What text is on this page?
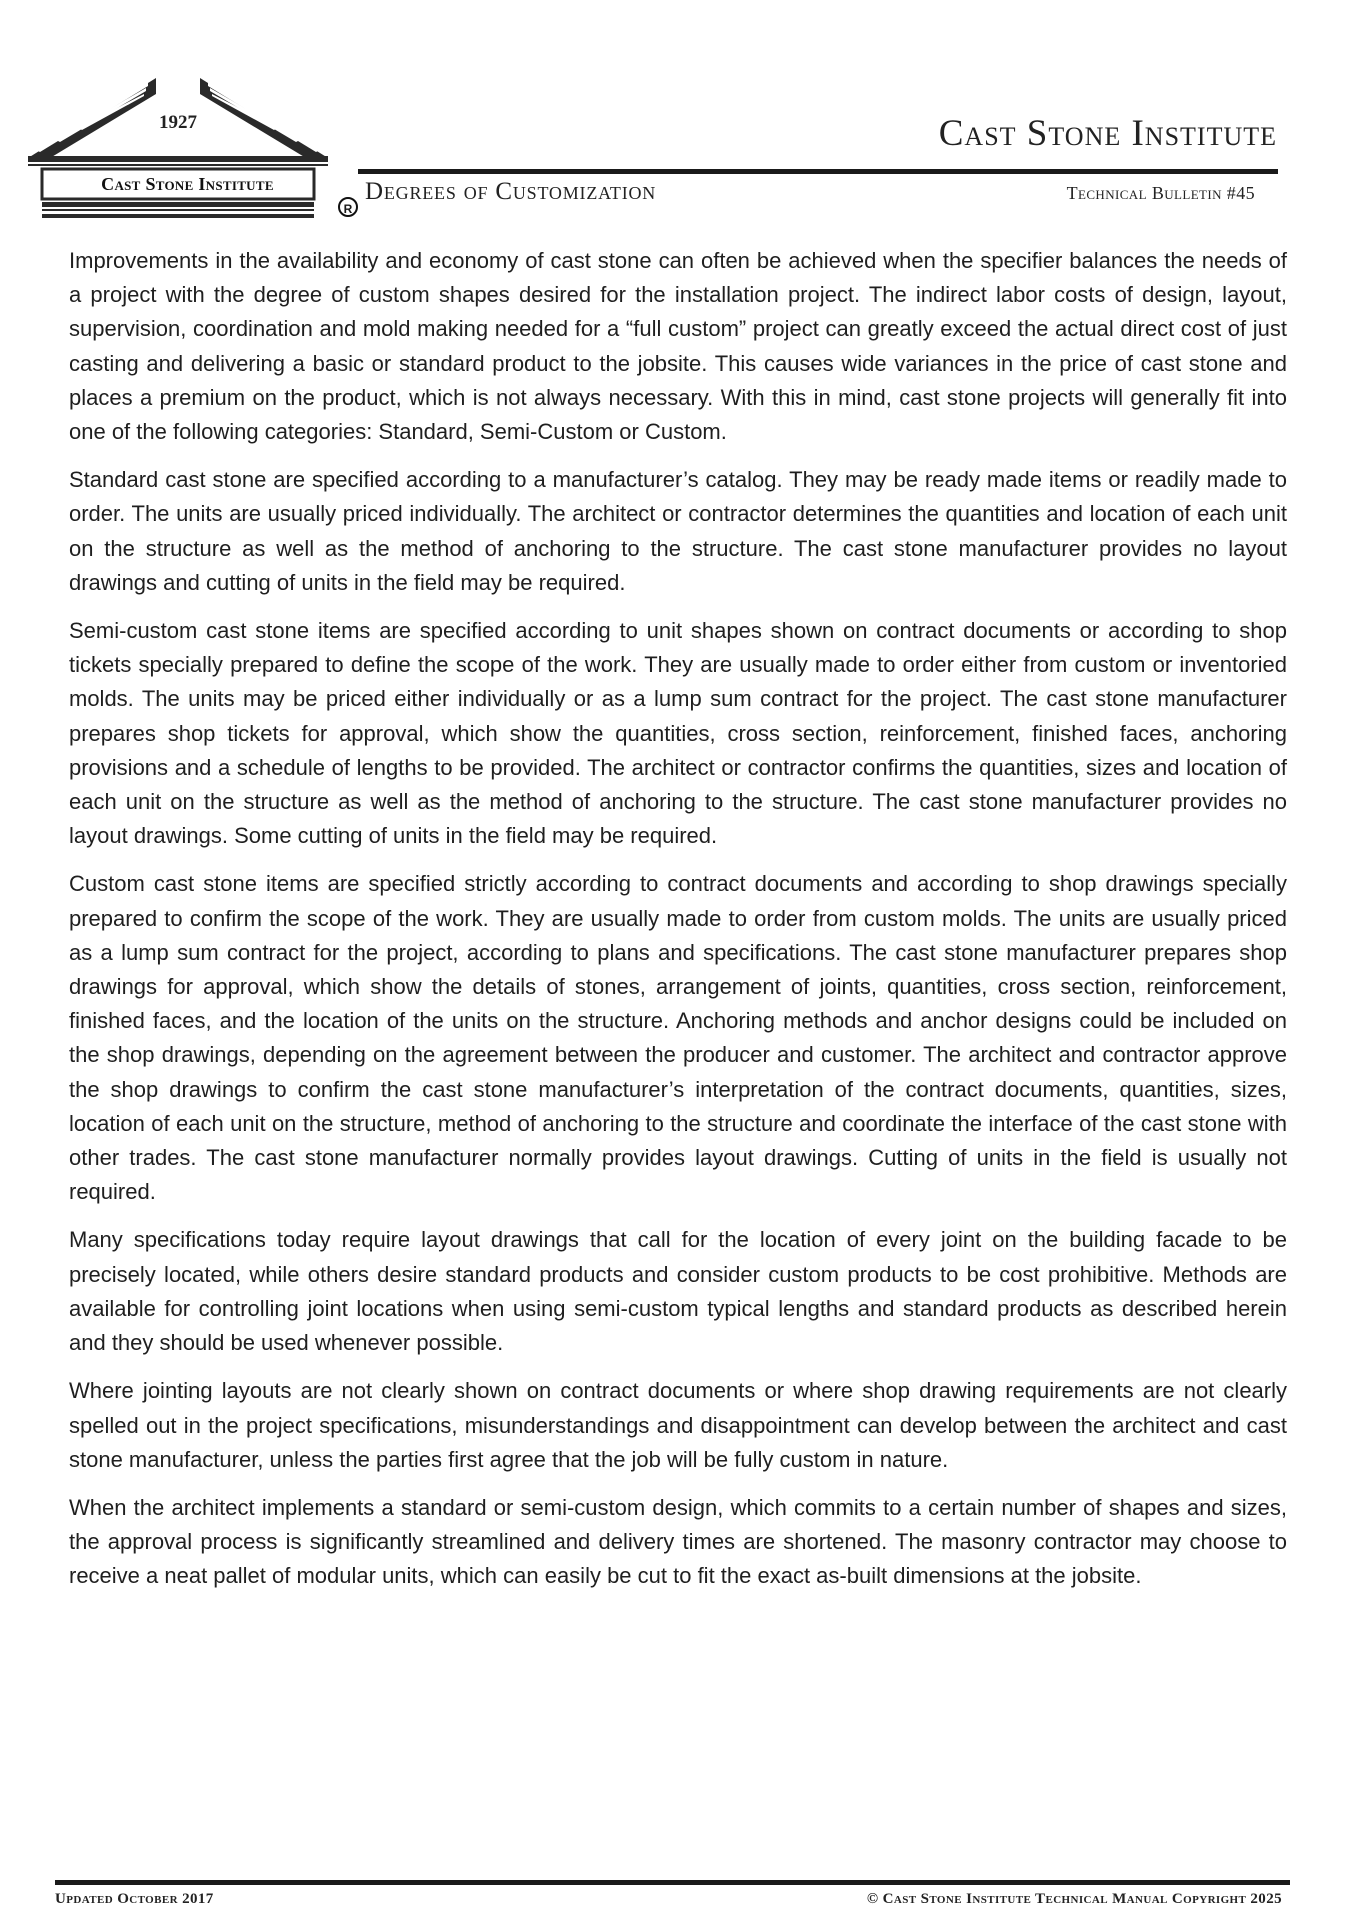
1927
Cast Stone Institute
R
Cast Stone Institute
Degrees of Customization	Technical Bulletin #45

Improvements in the availability and economy of cast stone can often be achieved when the specifier balances the needs of a project with the degree of custom shapes desired for the installation project. The indirect labor costs of design, layout, supervision, coordination and mold making needed for a “full custom” project can greatly exceed the actual direct cost of just casting and delivering a basic or standard product to the jobsite. This causes wide variances in the price of cast stone and places a premium on the product, which is not always necessary. With this in mind, cast stone projects will generally fit into one of the following categories: Standard, Semi-Custom or Custom.

Standard cast stone are specified according to a manufacturer’s catalog. They may be ready made items or readily made to order. The units are usually priced individually. The architect or contractor determines the quantities and location of each unit on the structure as well as the method of anchoring to the structure. The cast stone manufacturer provides no layout drawings and cutting of units in the field may be required.

Semi-custom cast stone items are specified according to unit shapes shown on contract documents or according to shop tickets specially prepared to define the scope of the work. They are usually made to order either from custom or inventoried molds. The units may be priced either individually or as a lump sum contract for the project. The cast stone manufacturer prepares shop tickets for approval, which show the quantities, cross section, reinforcement, finished faces, anchoring provisions and a schedule of lengths to be provided. The architect or contractor confirms the quantities, sizes and location of each unit on the structure as well as the method of anchoring to the structure. The cast stone manufacturer provides no layout drawings. Some cutting of units in the field may be required.

Custom cast stone items are specified strictly according to contract documents and according to shop drawings specially prepared to confirm the scope of the work. They are usually made to order from custom molds. The units are usually priced as a lump sum contract for the project, according to plans and specifications. The cast stone manufacturer prepares shop drawings for approval, which show the details of stones, arrangement of joints, quantities, cross section, reinforcement, finished faces, and the location of the units on the structure. Anchoring methods and anchor designs could be included on the shop drawings, depending on the agreement between the producer and customer. The architect and contractor approve the shop drawings to confirm the cast stone manufacturer’s interpretation of the contract documents, quantities, sizes, location of each unit on the structure, method of anchoring to the structure and coordinate the interface of the cast stone with other trades. The cast stone manufacturer normally provides layout drawings. Cutting of units in the field is usually not required.

Many specifications today require layout drawings that call for the location of every joint on the building facade to be precisely located, while others desire standard products and consider custom products to be cost prohibitive. Methods are available for controlling joint locations when using semi-custom typical lengths and standard products as described herein and they should be used whenever possible.

Where jointing layouts are not clearly shown on contract documents or where shop drawing requirements are not clearly spelled out in the project specifications, misunderstandings and disappointment can develop between the architect and cast stone manufacturer, unless the parties first agree that the job will be fully custom in nature.

When the architect implements a standard or semi-custom design, which commits to a certain number of shapes and sizes, the approval process is significantly streamlined and delivery times are shortened. The masonry contractor may choose to receive a neat pallet of modular units, which can easily be cut to fit the exact as-built dimensions at the jobsite.

Updated October 2017	© Cast Stone Institute Technical Manual Copyright 2025
